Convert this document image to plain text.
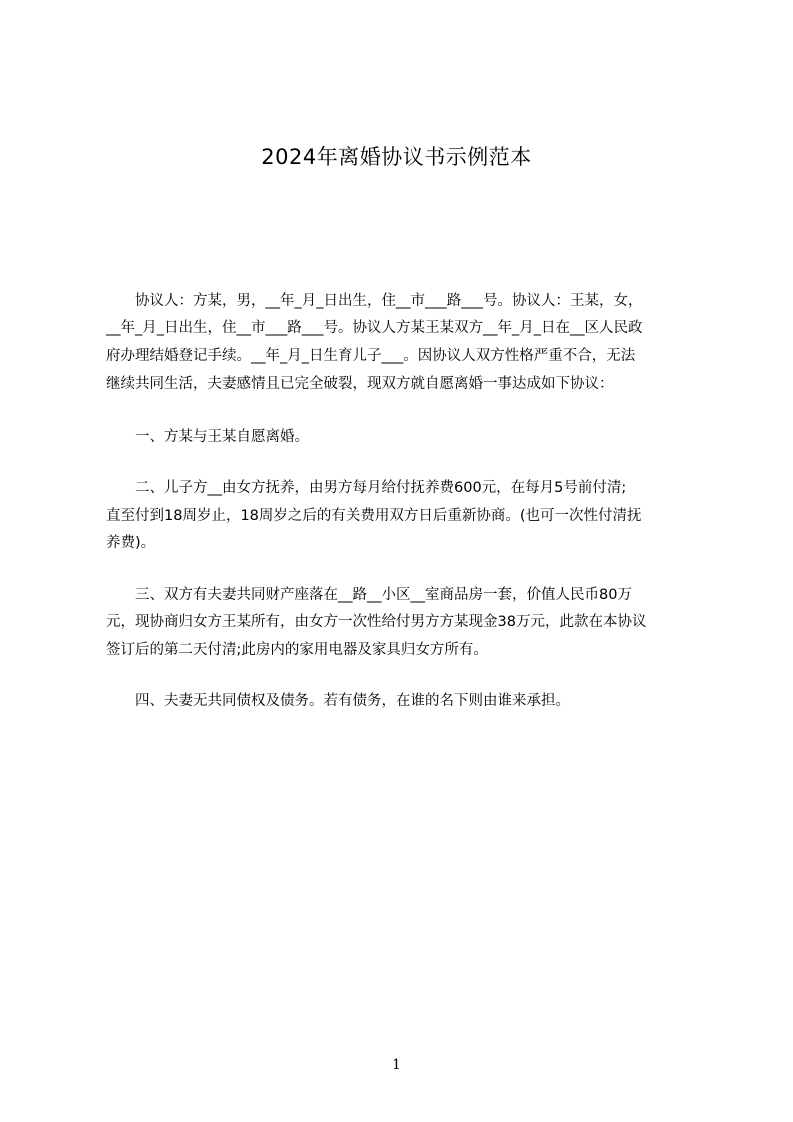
2024年离婚协议书示例范本
　　协议人：方某，男，__年_月_日出生，住__市___路___号。协议人：王某，女，
__年_月_日出生，住__市___路___号。协议人方某王某双方__年_月_日在__区人民政
府办理结婚登记手续。__年_月_日生育儿子___。因协议人双方性格严重不合，无法
继续共同生活，夫妻感情且已完全破裂，现双方就自愿离婚一事达成如下协议：
　　一、方某与王某自愿离婚。
　　二、儿子方__由女方抚养，由男方每月给付抚养费600元，在每月5号前付清;
直至付到18周岁止，18周岁之后的有关费用双方日后重新协商。(也可一次性付清抚
养费)。
　　三、双方有夫妻共同财产座落在__路__小区__室商品房一套，价值人民币80万
元，现协商归女方王某所有，由女方一次性给付男方方某现金38万元，此款在本协议
签订后的第二天付清;此房内的家用电器及家具归女方所有。
　　四、夫妻无共同债权及债务。若有债务，在谁的名下则由谁来承担。
1
